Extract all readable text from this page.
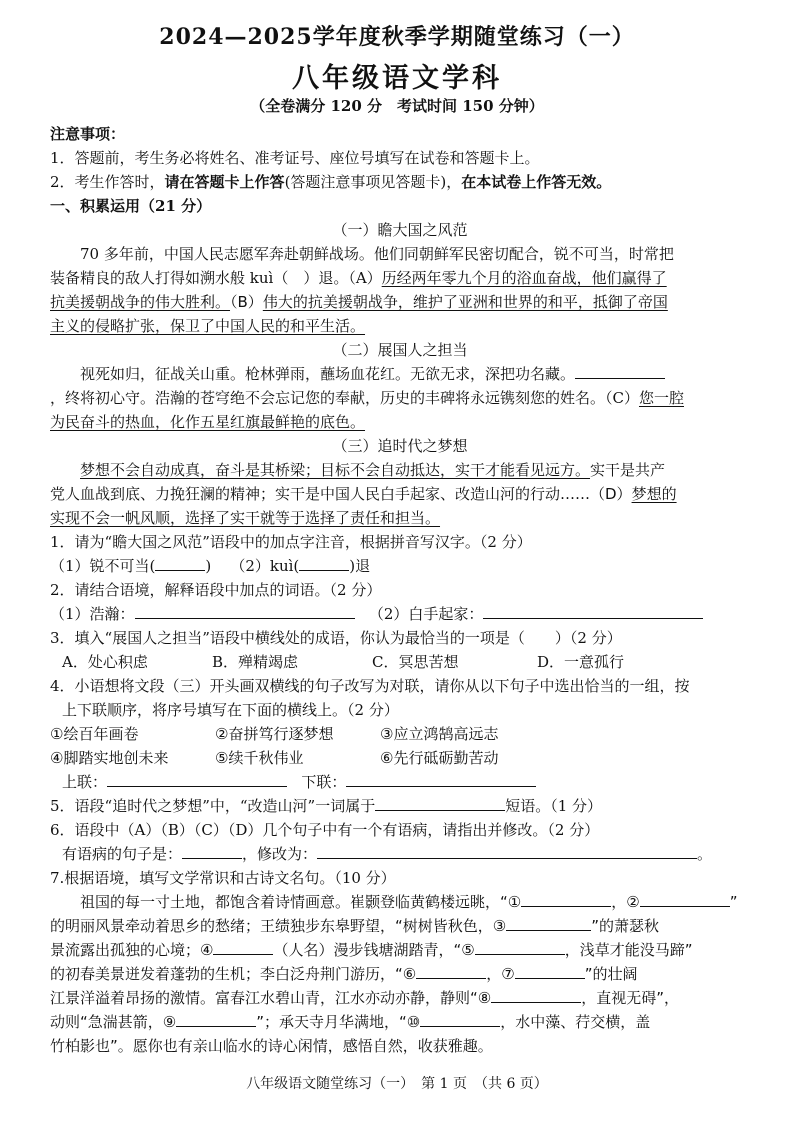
2024—2025学年度秋季学期随堂练习（一）
八年级语文学科
（全卷满分 120 分　考试时间 150 分钟）
注意事项：
1．答题前，考生务必将姓名、准考证号、座位号填写在试卷和答题卡上。
2．考生作答时，请在答题卡上作答(答题注意事项见答题卡)，在本试卷上作答无效。
一、积累运用（21 分）
（一）瞻大国之风范
70 多年前，中国人民志愿军奔赴朝鲜战场。他们同朝鲜军民密切配合，锐不可当，时常把
装备精良的敌人打得如溯水般 kuì（　）退。（A）历经两年零九个月的浴血奋战，他们赢得了
抗美援朝战争的伟大胜利。（B）伟大的抗美援朝战争，维护了亚洲和世界的和平，抵御了帝国
主义的侵略扩张，保卫了中国人民的和平生活。
（二）展国人之担当
视死如归，征战关山重。枪林弹雨，蘸场血花红。无欲无求，深把功名藏。
，终将初心守。浩瀚的苍穹绝不会忘记您的奉献，历史的丰碑将永远镌刻您的姓名。（C）您一腔
为民奋斗的热血，化作五星红旗最鲜艳的底色。
（三）追时代之梦想
梦想不会自动成真，奋斗是其桥梁；目标不会自动抵达，实干才能看见远方。实干是共产
党人血战到底、力挽狂澜的精神；实干是中国人民白手起家、改造山河的行动……（D）梦想的
实现不会一帆风顺，选择了实干就等于选择了责任和担当。
1．请为“瞻大国之风范”语段中的加点字注音，根据拼音写汉字。（2 分）
（1）锐不可当(	) （2）kuì(	)退
2．请结合语境，解释语段中加点的词语。（2 分）
（1）浩瀚：	（2）白手起家：
3．填入“展国人之担当”语段中横线处的成语，你认为最恰当的一项是（　　）（2 分）
A．处心积虑	B．殚精竭虑	C．冥思苦想	D．一意孤行
4．小语想将文段（三）开头画双横线的句子改写为对联，请你从以下句子中选出恰当的一组，按
上下联顺序，将序号填写在下面的横线上。（2 分）
①绘百年画卷	②奋拼笃行逐梦想	③应立鸿鹄高远志
④脚踏实地创未来	⑤续千秋伟业	⑥先行砥砺勤苦动
上联：	下联：
5．语段“追时代之梦想”中，“改造山河”一词属于	短语。（1 分）
6．语段中（A）（B）（C）（D）几个句子中有一个有语病，请指出并修改。（2 分）
有语病的句子是：	，修改为：	。
7.根据语境，填写文学常识和古诗文名句。（10 分）
祖国的每一寸土地，都饱含着诗情画意。崔颢登临黄鹤楼远眺，“①	，②	”
的明丽风景牵动着思乡的愁绪；王绩独步东皋野望，“树树皆秋色，③	”的萧瑟秋
景流露出孤独的心境；④	（人名）漫步钱塘湖踏青，“⑤	，浅草才能没马蹄”
的初春美景迸发着蓬勃的生机；李白泛舟荆门游历，“⑥	，⑦	”的壮阔
江景洋溢着昂扬的激情。富春江水碧山青，江水亦动亦静，静则“⑧	，直视无碍”，
动则“急湍甚箭，⑨	”；承天寺月华满地，“⑩	，水中藻、荇交横，盖
竹柏影也”。愿你也有亲山临水的诗心闲情，感悟自然，收获雅趣。
八年级语文随堂练习（一）　第 1 页　（共 6 页）
